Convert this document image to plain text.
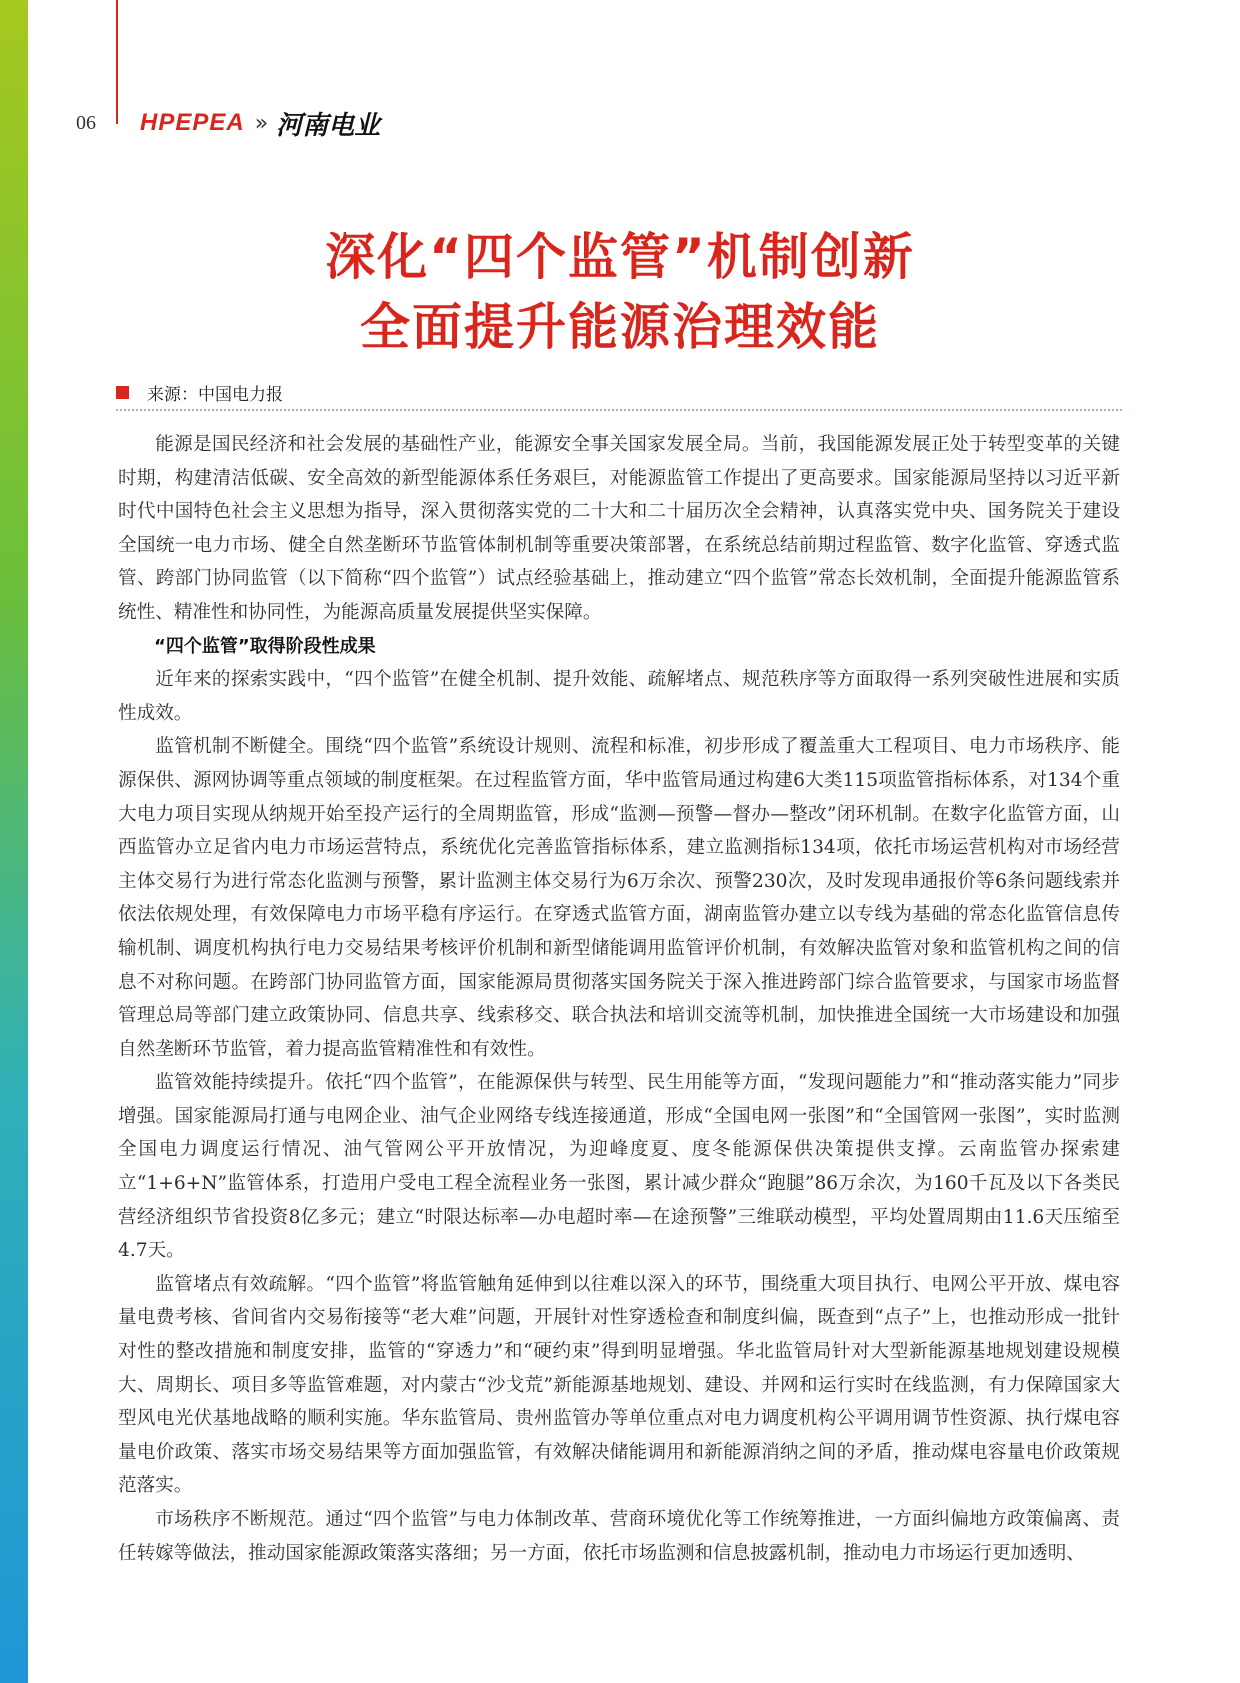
06	HPEPEA » 河南电业
深化“四个监管”机制创新
全面提升能源治理效能
来源：中国电力报

能源是国民经济和社会发展的基础性产业，能源安全事关国家发展全局。当前，我国能源发展正处于转型变革的关键时期，构建清洁低碳、安全高效的新型能源体系任务艰巨，对能源监管工作提出了更高要求。国家能源局坚持以习近平新时代中国特色社会主义思想为指导，深入贯彻落实党的二十大和二十届历次全会精神，认真落实党中央、国务院关于建设全国统一电力市场、健全自然垄断环节监管体制机制等重要决策部署，在系统总结前期过程监管、数字化监管、穿透式监管、跨部门协同监管（以下简称“四个监管”）试点经验基础上，推动建立“四个监管”常态长效机制，全面提升能源监管系统性、精准性和协同性，为能源高质量发展提供坚实保障。

“四个监管”取得阶段性成果

近年来的探索实践中，“四个监管”在健全机制、提升效能、疏解堵点、规范秩序等方面取得一系列突破性进展和实质性成效。

监管机制不断健全。围绕“四个监管”系统设计规则、流程和标准，初步形成了覆盖重大工程项目、电力市场秩序、能源保供、源网协调等重点领域的制度框架。在过程监管方面，华中监管局通过构建6大类115项监管指标体系，对134个重大电力项目实现从纳规开始至投产运行的全周期监管，形成“监测—预警—督办—整改”闭环机制。在数字化监管方面，山西监管办立足省内电力市场运营特点，系统优化完善监管指标体系，建立监测指标134项，依托市场运营机构对市场经营主体交易行为进行常态化监测与预警，累计监测主体交易行为6万余次、预警230次，及时发现串通报价等6条问题线索并依法依规处理，有效保障电力市场平稳有序运行。在穿透式监管方面，湖南监管办建立以专线为基础的常态化监管信息传输机制、调度机构执行电力交易结果考核评价机制和新型储能调用监管评价机制，有效解决监管对象和监管机构之间的信息不对称问题。在跨部门协同监管方面，国家能源局贯彻落实国务院关于深入推进跨部门综合监管要求，与国家市场监督管理总局等部门建立政策协同、信息共享、线索移交、联合执法和培训交流等机制，加快推进全国统一大市场建设和加强自然垄断环节监管，着力提高监管精准性和有效性。

监管效能持续提升。依托“四个监管”，在能源保供与转型、民生用能等方面，“发现问题能力”和“推动落实能力”同步增强。国家能源局打通与电网企业、油气企业网络专线连接通道，形成“全国电网一张图”和“全国管网一张图”，实时监测全国电力调度运行情况、油气管网公平开放情况，为迎峰度夏、度冬能源保供决策提供支撑。云南监管办探索建立“1+6+N”监管体系，打造用户受电工程全流程业务一张图，累计减少群众“跑腿”86万余次，为160千瓦及以下各类民营经济组织节省投资8亿多元；建立“时限达标率—办电超时率—在途预警”三维联动模型，平均处置周期由11.6天压缩至4.7天。

监管堵点有效疏解。“四个监管”将监管触角延伸到以往难以深入的环节，围绕重大项目执行、电网公平开放、煤电容量电费考核、省间省内交易衔接等“老大难”问题，开展针对性穿透检查和制度纠偏，既查到“点子”上，也推动形成一批针对性的整改措施和制度安排，监管的“穿透力”和“硬约束”得到明显增强。华北监管局针对大型新能源基地规划建设规模大、周期长、项目多等监管难题，对内蒙古“沙戈荒”新能源基地规划、建设、并网和运行实时在线监测，有力保障国家大型风电光伏基地战略的顺利实施。华东监管局、贵州监管办等单位重点对电力调度机构公平调用调节性资源、执行煤电容量电价政策、落实市场交易结果等方面加强监管，有效解决储能调用和新能源消纳之间的矛盾，推动煤电容量电价政策规范落实。

市场秩序不断规范。通过“四个监管”与电力体制改革、营商环境优化等工作统筹推进，一方面纠偏地方政策偏离、责任转嫁等做法，推动国家能源政策落实落细；另一方面，依托市场监测和信息披露机制，推动电力市场运行更加透明、
